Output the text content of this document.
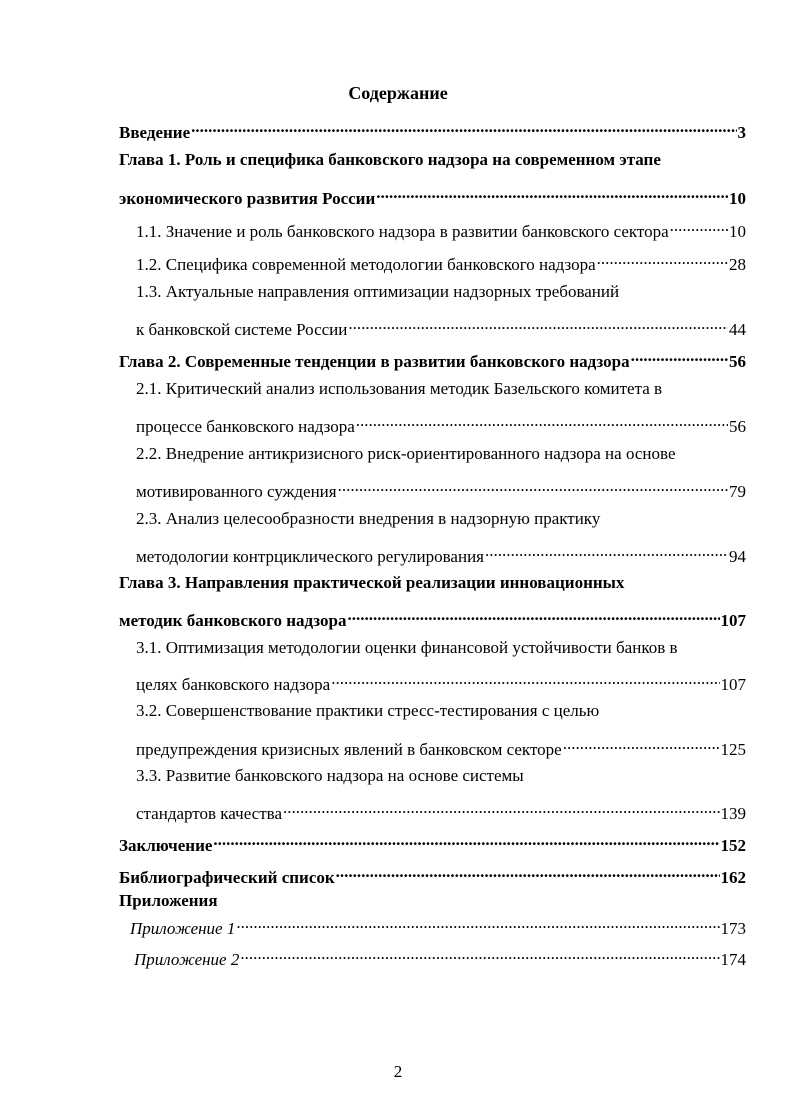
Содержание
Введение .....	3
Глава 1. Роль и специфика банковского надзора на современном этапе
экономического развития России .....	10
1.1. Значение и роль банковского надзора в развитии банковского сектора .....	10
1.2. Специфика современной методологии банковского надзора .....	28
1.3. Актуальные направления оптимизации надзорных требований
к банковской системе России .....	44
Глава 2. Современные тенденции в развитии банковского надзора .....	56
2.1. Критический анализ использования методик Базельского комитета в
процессе банковского надзора .....	56
2.2. Внедрение антикризисного риск-ориентированного надзора на основе
мотивированного суждения .....	79
2.3. Анализ целесообразности внедрения в надзорную практику
методологии контрциклического регулирования .....	94
Глава 3. Направления практической реализации инновационных
методик банковского надзора .....	107
3.1. Оптимизация методологии оценки финансовой устойчивости банков в
целях банковского надзора .....	107
3.2. Совершенствование практики стресс-тестирования с целью
предупреждения кризисных явлений в банковском секторе .....	125
3.3. Развитие банковского надзора на основе системы
стандартов качества .....	139
Заключение .....	152
Библиографический список .....	162
Приложения
Приложение 1 .....	173
Приложение 2 .....	174
2
